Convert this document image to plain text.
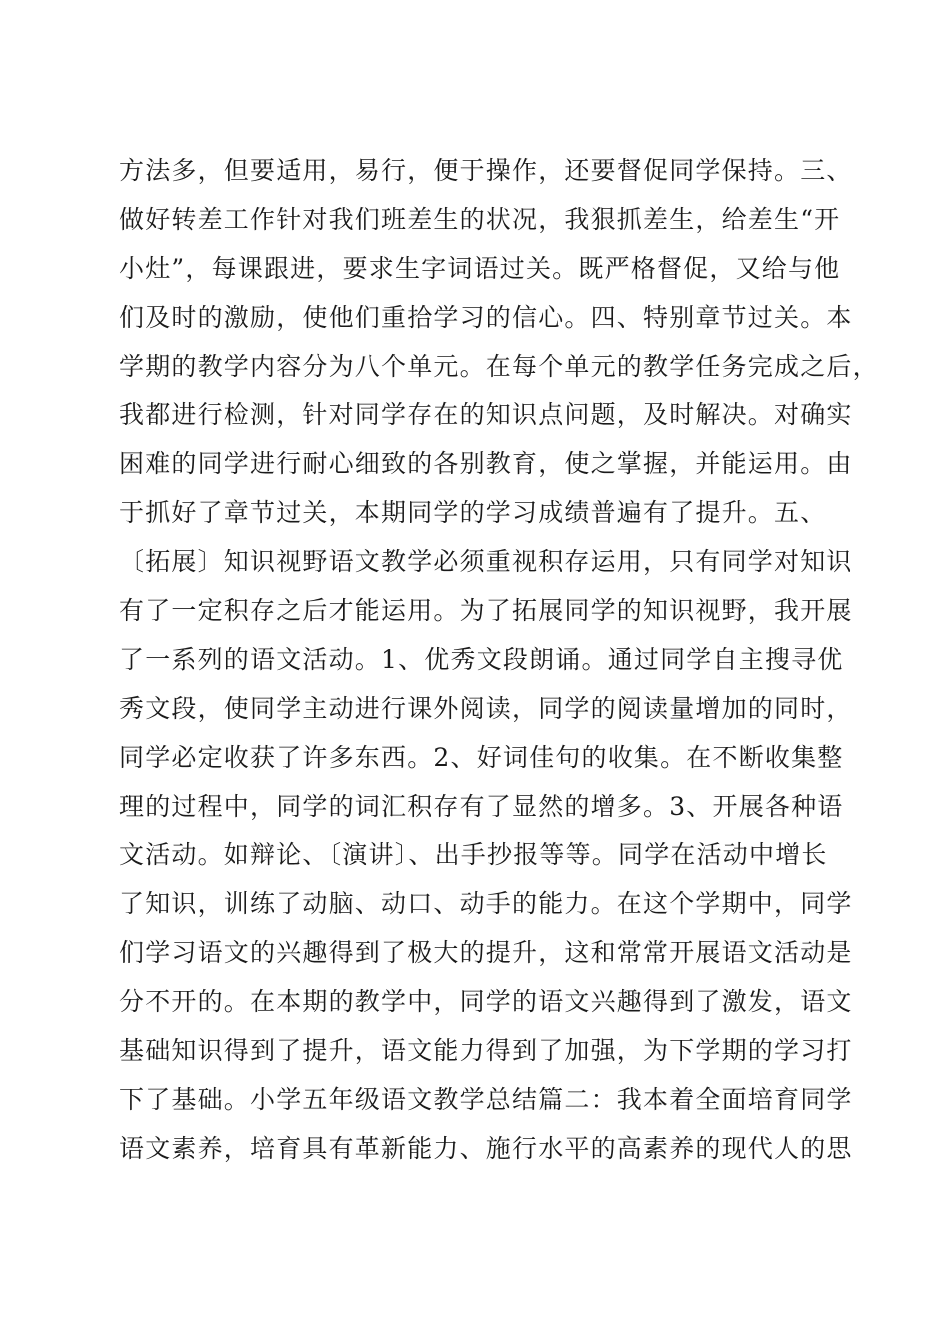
方法多，但要适用，易行，便于操作，还要督促同学保持。三、
做好转差工作针对我们班差生的状况，我狠抓差生，给差生“开
小灶”，每课跟进，要求生字词语过关。既严格督促，又给与他
们及时的激励，使他们重拾学习的信心。四、特别章节过关。本
学期的教学内容分为八个单元。在每个单元的教学任务完成之后，
我都进行检测，针对同学存在的知识点问题，及时解决。对确实
困难的同学进行耐心细致的各别教育，使之掌握，并能运用。由
于抓好了章节过关，本期同学的学习成绩普遍有了提升。五、
〔拓展〕知识视野语文教学必须重视积存运用，只有同学对知识
有了一定积存之后才能运用。为了拓展同学的知识视野，我开展
了一系列的语文活动。1、优秀文段朗诵。通过同学自主搜寻优
秀文段，使同学主动进行课外阅读，同学的阅读量增加的同时，
同学必定收获了许多东西。2、好词佳句的收集。在不断收集整
理的过程中，同学的词汇积存有了显然的增多。3、开展各种语
文活动。如辩论、〔演讲〕、出手抄报等等。同学在活动中增长
了知识，训练了动脑、动口、动手的能力。在这个学期中，同学
们学习语文的兴趣得到了极大的提升，这和常常开展语文活动是
分不开的。在本期的教学中，同学的语文兴趣得到了激发，语文
基础知识得到了提升，语文能力得到了加强，为下学期的学习打
下了基础。小学五年级语文教学总结篇二：我本着全面培育同学
语文素养，培育具有革新能力、施行水平的高素养的现代人的思
